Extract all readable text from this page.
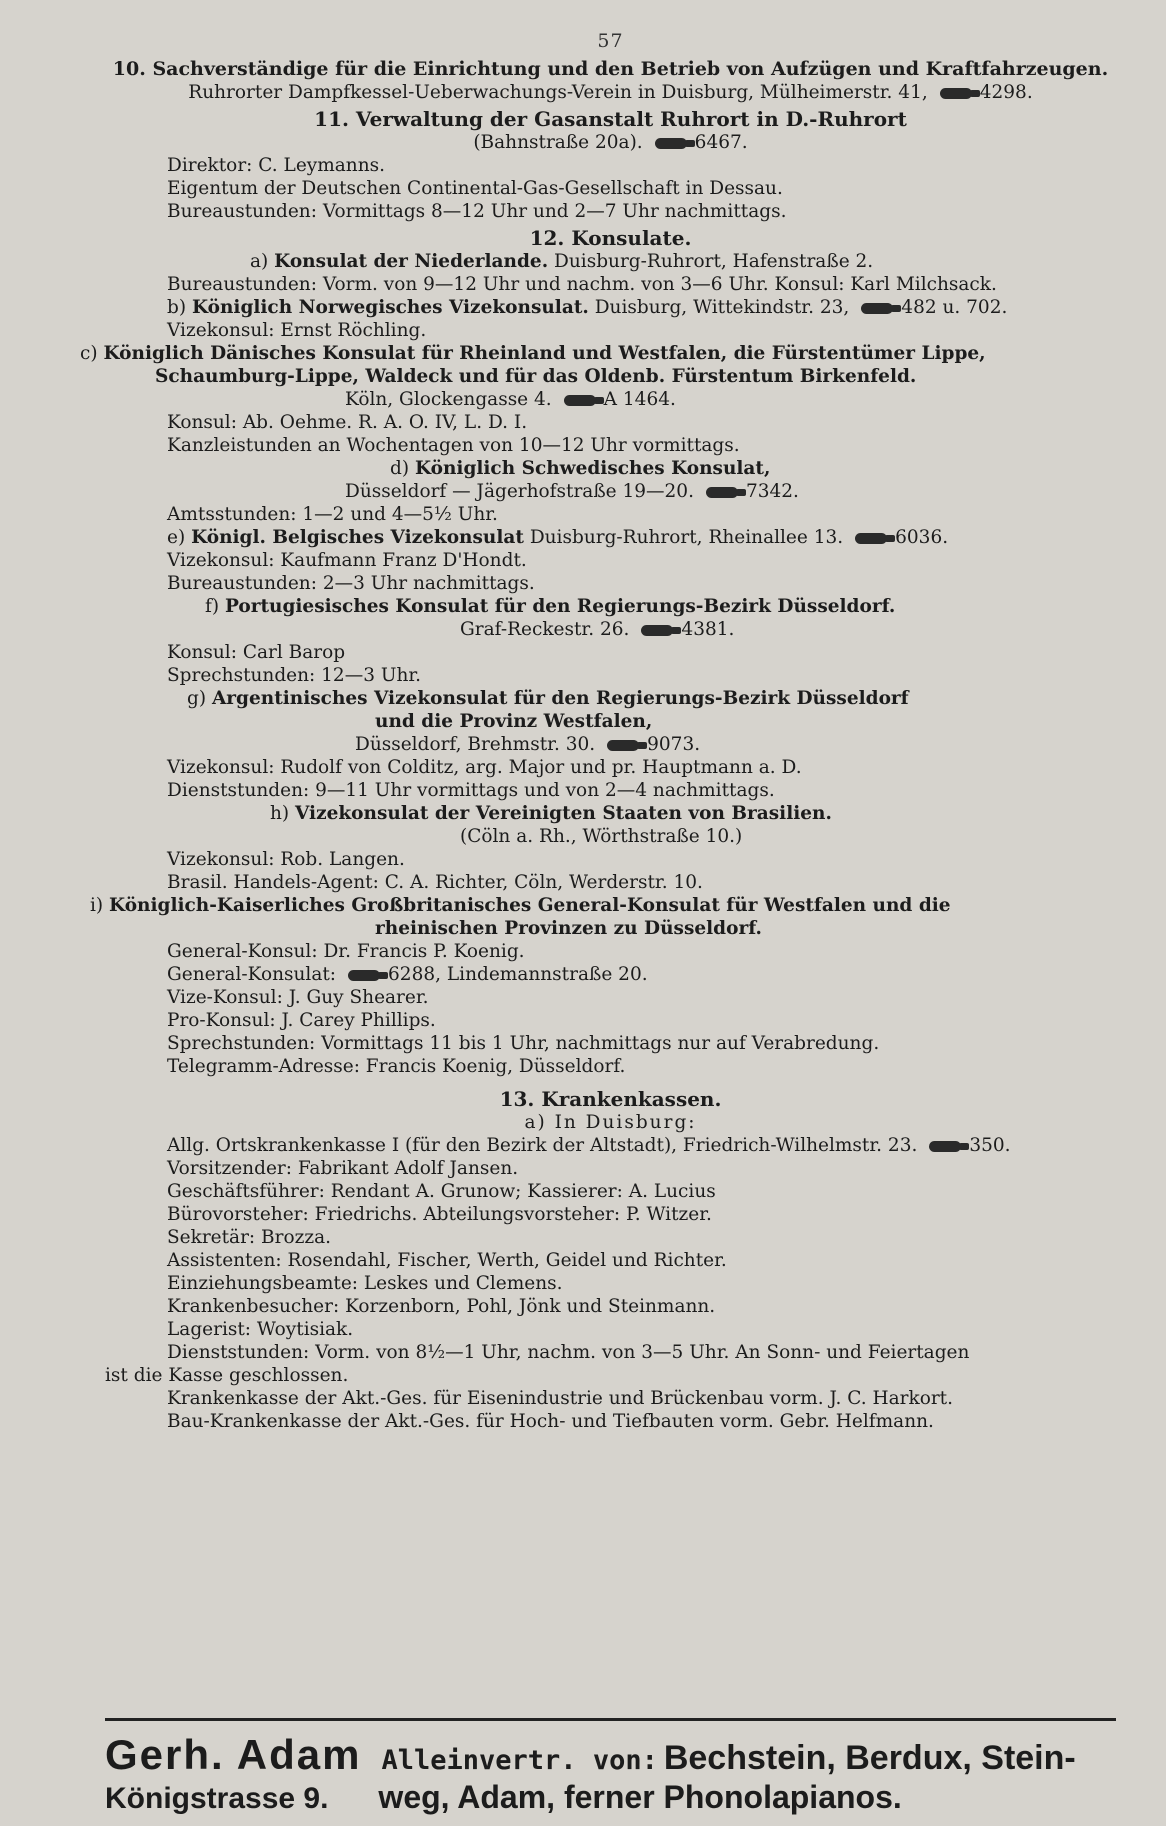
57
10. Sachverständige für die Einrichtung und den Betrieb von Aufzügen und Kraftfahrzeugen.
Ruhrorter Dampfkessel-Ueberwachungs-Verein in Duisburg, Mülheimerstr. 41,	4298.
11. Verwaltung der Gasanstalt Ruhrort in D.-Ruhrort
(Bahnstraße 20a).	6467.
Direktor: C. Leymanns.
Eigentum der Deutschen Continental-Gas-Gesellschaft in Dessau.
Bureaustunden: Vormittags 8—12 Uhr und 2—7 Uhr nachmittags.
12. Konsulate.
a) Konsulat der Niederlande. Duisburg-Ruhrort, Hafenstraße 2.
Bureaustunden: Vorm. von 9—12 Uhr und nachm. von 3—6 Uhr. Konsul: Karl Milchsack.
b) Königlich Norwegisches Vizekonsulat. Duisburg, Wittekindstr. 23,	482 u. 702.
Vizekonsul: Ernst Röchling.
c) Königlich Dänisches Konsulat für Rheinland und Westfalen, die Fürstentümer Lippe,
Schaumburg-Lippe, Waldeck und für das Oldenb. Fürstentum Birkenfeld.
Köln, Glockengasse 4.	A 1464.
Konsul: Ab. Oehme. R. A. O. IV, L. D. I.
Kanzleistunden an Wochentagen von 10—12 Uhr vormittags.
d) Königlich Schwedisches Konsulat,
Düsseldorf — Jägerhofstraße 19—20.	7342.
Amtsstunden: 1—2 und 4—5½ Uhr.
e) Königl. Belgisches Vizekonsulat Duisburg-Ruhrort, Rheinallee 13.	6036.
Vizekonsul: Kaufmann Franz D'Hondt.
Bureaustunden: 2—3 Uhr nachmittags.
f) Portugiesisches Konsulat für den Regierungs-Bezirk Düsseldorf.
Graf-Reckestr. 26.	4381.
Konsul: Carl Barop
Sprechstunden: 12—3 Uhr.
g) Argentinisches Vizekonsulat für den Regierungs-Bezirk Düsseldorf
und die Provinz Westfalen,
Düsseldorf, Brehmstr. 30.	9073.
Vizekonsul: Rudolf von Colditz, arg. Major und pr. Hauptmann a. D.
Dienststunden: 9—11 Uhr vormittags und von 2—4 nachmittags.
h) Vizekonsulat der Vereinigten Staaten von Brasilien.
(Cöln a. Rh., Wörthstraße 10.)
Vizekonsul: Rob. Langen.
Brasil. Handels-Agent: C. A. Richter, Cöln, Werderstr. 10.
i) Königlich-Kaiserliches Großbritanisches General-Konsulat für Westfalen und die
rheinischen Provinzen zu Düsseldorf.
General-Konsul: Dr. Francis P. Koenig.
General-Konsulat:	6288, Lindemannstraße 20.
Vize-Konsul: J. Guy Shearer.
Pro-Konsul: J. Carey Phillips.
Sprechstunden: Vormittags 11 bis 1 Uhr, nachmittags nur auf Verabredung.
Telegramm-Adresse: Francis Koenig, Düsseldorf.
13. Krankenkassen.
a) In Duisburg:
Allg. Ortskrankenkasse I (für den Bezirk der Altstadt), Friedrich-Wilhelmstr. 23.	350.
Vorsitzender: Fabrikant Adolf Jansen.
Geschäftsführer: Rendant A. Grunow; Kassierer: A. Lucius
Bürovorsteher: Friedrichs. Abteilungsvorsteher: P. Witzer.
Sekretär: Brozza.
Assistenten: Rosendahl, Fischer, Werth, Geidel und Richter.
Einziehungsbeamte: Leskes und Clemens.
Krankenbesucher: Korzenborn, Pohl, Jönk und Steinmann.
Lagerist: Woytisiak.
Dienststunden: Vorm. von 8½—1 Uhr, nachm. von 3—5 Uhr. An Sonn- und Feiertagen
ist die Kasse geschlossen.
Krankenkasse der Akt.-Ges. für Eisenindustrie und Brückenbau vorm. J. C. Harkort.
Bau-Krankenkasse der Akt.-Ges. für Hoch- und Tiefbauten vorm. Gebr. Helfmann.
Gerh. Adam Alleinvertr. von: Bechstein, Berdux, Stein-
Königstrasse 9. weg, Adam, ferner Phonolapianos.
